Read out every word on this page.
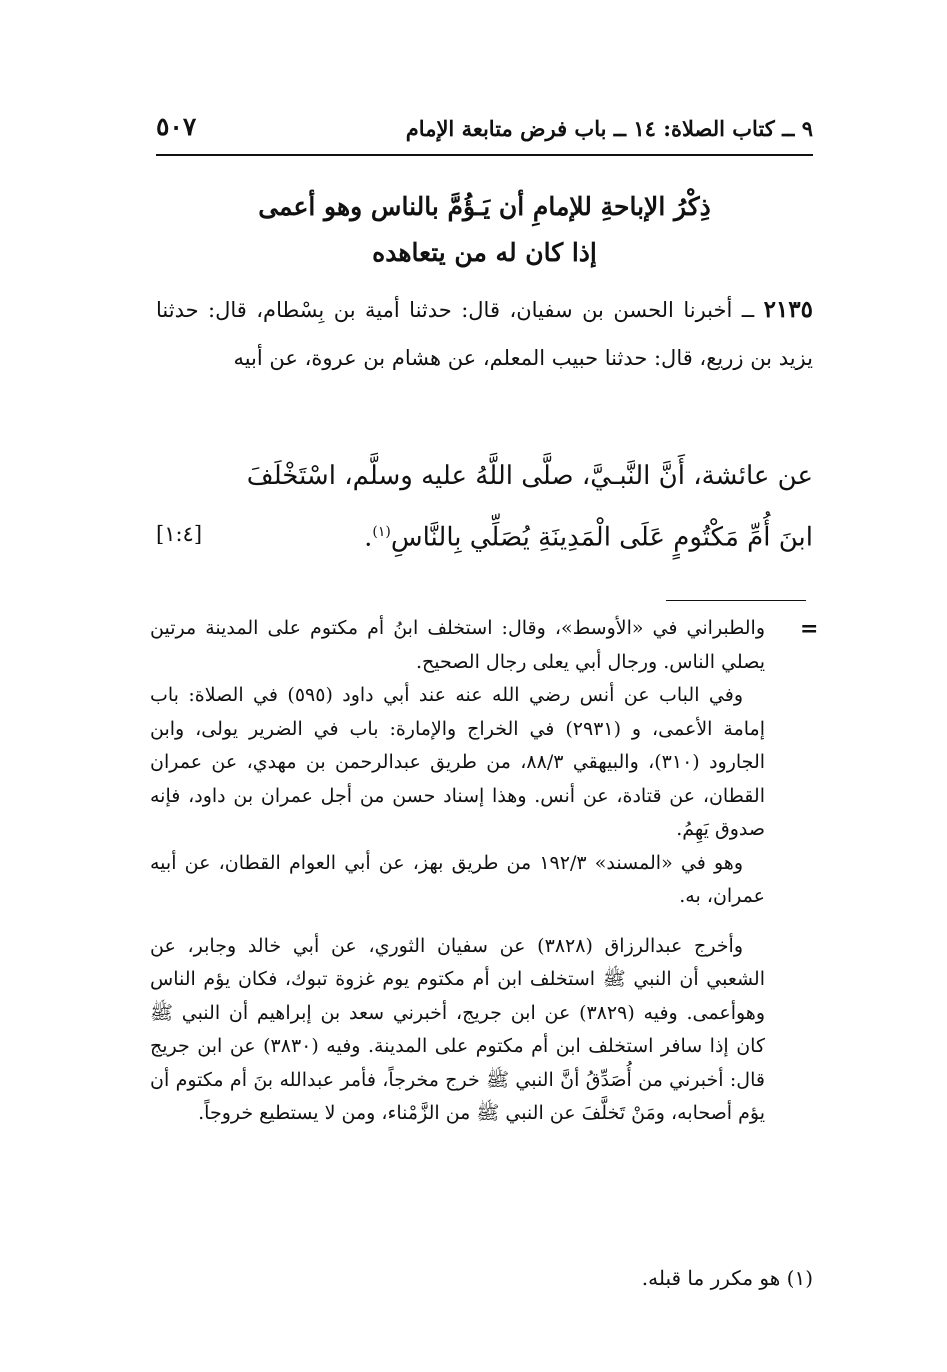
٩ ــ كتاب الصلاة: ١٤ ــ باب فرض متابعة الإمام
٥٠٧
ذِكْرُ الإباحةِ للإمامِ أن يَـؤُمَّ بالناس وهو أعمى
إذا كان له من يتعاهده
٢١٣٥ ــ أخبرنا الحسن بن سفيان، قال: حدثنا أمية بن بِسْطام، قال: حدثنا يزيد بن زريع، قال: حدثنا حبيب المعلم، عن هشام بن عروة، عن أبيه
عن عائشة، أَنَّ النَّبـيَّ، صلَّى اللَّهُ عليه وسلَّم، اسْتَخْلَفَ
ابنَ أُمِّ مَكْتُومٍ عَلَى الْمَدِينَةِ يُصَلِّي بِالنَّاسِ$^{(١)}$.
[١:٤]
=

والطبراني في «الأوسط»، وقال: استخلف ابنُ أم مكتوم على المدينة مرتين يصلي الناس. ورجال أبي يعلى رجال الصحيح.

وفي الباب عن أنس رضي الله عنه عند أبي داود (٥٩٥) في الصلاة: باب إمامة الأعمى، و (٢٩٣١) في الخراج والإمارة: باب في الضرير يولى، وابن الجارود (٣١٠)، والبيهقي ٨٨/٣، من طريق عبدالرحمن بن مهدي، عن عمران القطان، عن قتادة، عن أنس. وهذا إسناد حسن من أجل عمران بن داود، فإنه صدوق يَهِمُ.

وهو في «المسند» ١٩٢/٣ من طريق بهز، عن أبي العوام القطان، عن أبيه عمران، به.

وأخرج عبدالرزاق (٣٨٢٨) عن سفيان الثوري، عن أبي خالد وجابر، عن الشعبي أن النبي ﷺ استخلف ابن أم مكتوم يوم غزوة تبوك، فكان يؤم الناس وهوأعمى. وفيه (٣٨٢٩) عن ابن جريج، أخبرني سعد بن إبراهيم أن النبي ﷺ كان إذا سافر استخلف ابن أم مكتوم على المدينة. وفيه (٣٨٣٠) عن ابن جريج قال: أخبرني من أُصَدِّقُ أنَّ النبي ﷺ خرج مخرجاً، فأمر عبدالله بنَ أم مكتوم أن يؤم أصحابه، ومَنْ تَخلَّفَ عن النبي ﷺ من الزَّمْناء، ومن لا يستطيع خروجاً.

(١) هو مكرر ما قبله.
